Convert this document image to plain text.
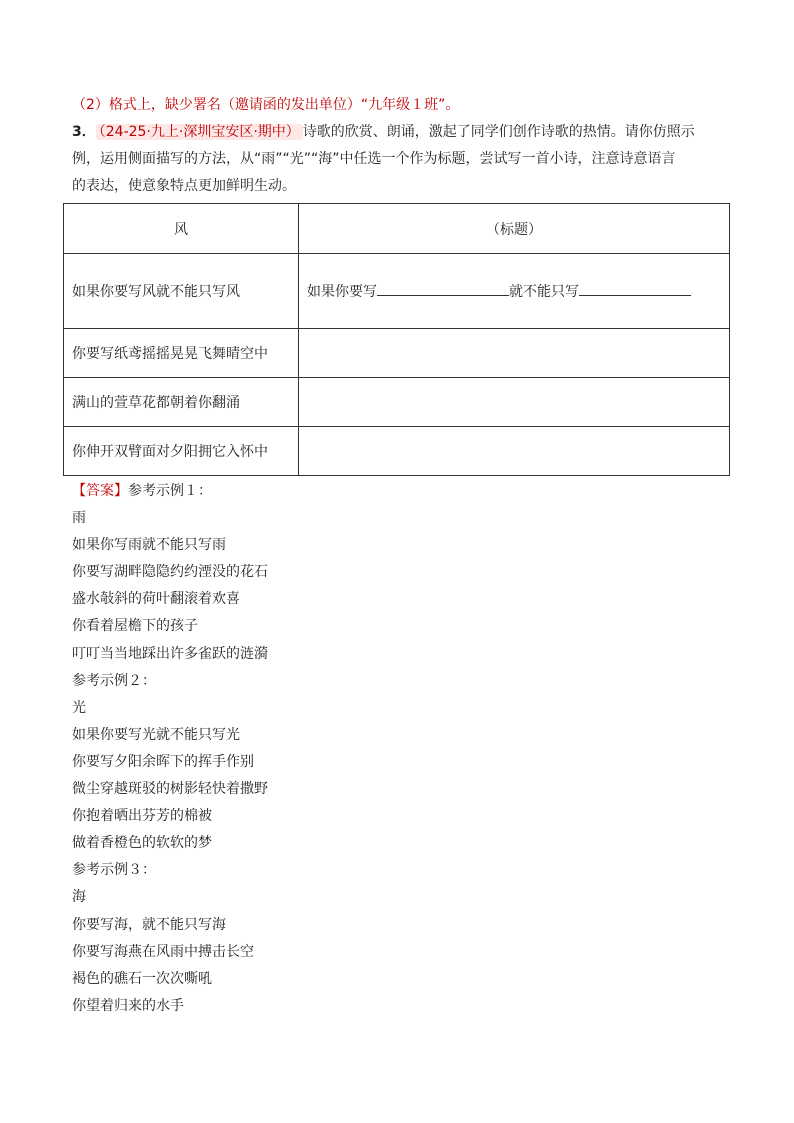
（2）格式上，缺少署名（邀请函的发出单位）“九年级１班”。
3． （24-25·九上·深圳宝安区·期中） 诗歌的欣赏、朗诵，激起了同学们创作诗歌的热情。请你仿照示
例，运用侧面描写的方法，从“雨”“光”“海”中任选一个作为标题，尝试写一首小诗，注意诗意语言
的表达，使意象特点更加鲜明生动。
风	（标题）
如果你要写风就不能只写风	如果你要写 就不能只写
你要写纸鸢摇摇晃晃飞舞晴空中	
满山的萱草花都朝着你翻涌	
你伸开双臂面对夕阳拥它入怀中	
【答案】参考示例１：
雨
如果你写雨就不能只写雨
你要写湖畔隐隐约约湮没的花石
盛水敧斜的荷叶翻滚着欢喜
你看着屋檐下的孩子
叮叮当当地踩出许多雀跃的涟漪
参考示例２：
光
如果你要写光就不能只写光
你要写夕阳余晖下的挥手作别
微尘穿越斑驳的树影轻快着撒野
你抱着晒出芬芳的棉被
做着香橙色的软软的梦
参考示例３：
海
你要写海，就不能只写海
你要写海燕在风雨中搏击长空
褐色的礁石一次次嘶吼
你望着归来的水手
